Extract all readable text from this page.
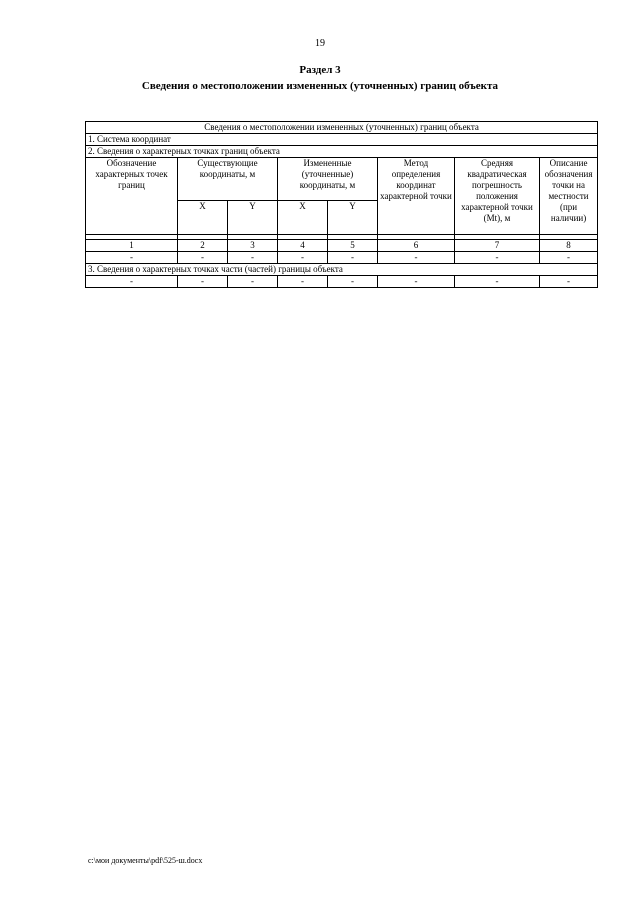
19
Раздел 3
Сведения о местоположении измененных (уточненных) границ объекта
Сведения о местоположении измененных (уточненных) границ объекта							
1. Система координат							
2. Сведения о характерных точках границ объекта							
Обозначение характерных точек границ	Существующие координаты, м		Измененные (уточненные) координаты, м		Метод определения координат характерной точки	Средняя квадратическая погрешность положения характерной точки (Mt), м	Описание обозначения точки на местности (при наличии)
	X	Y	X	Y			

1	2	3	4	5	6	7	8
-	-	-	-	-	-	-	-
3. Сведения о характерных точках части (частей) границы объекта							
-	-	-	-	-	-	-	-
c:\мои документы\pdf\525-ш.docx
